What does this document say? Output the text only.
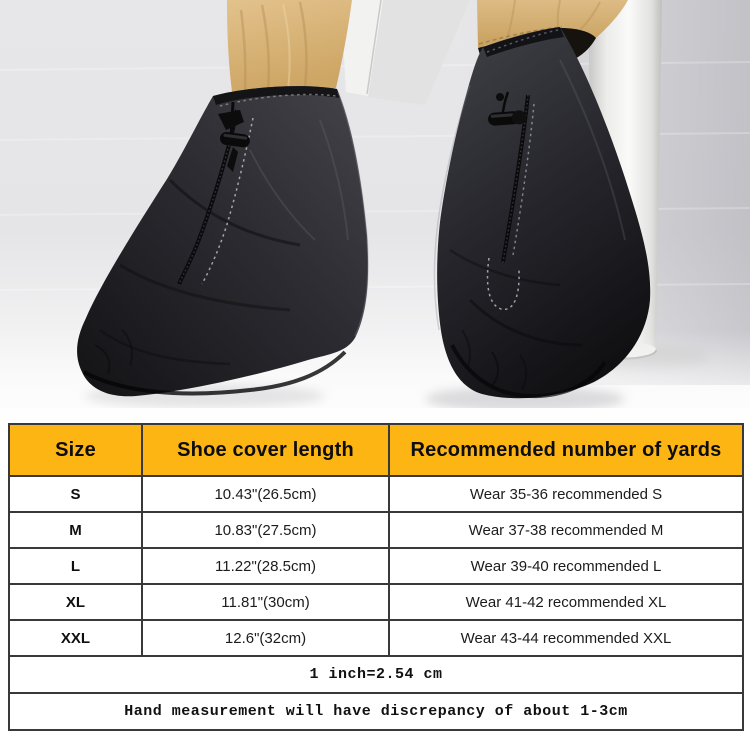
Size	Shoe cover length	Recommended number of yards
S	10.43"(26.5cm)	Wear 35-36 recommended S
M	10.83"(27.5cm)	Wear 37-38 recommended M
L	11.22"(28.5cm)	Wear 39-40 recommended L
XL	11.81"(30cm)	Wear 41-42 recommended XL
XXL	12.6"(32cm)	Wear 43-44 recommended XXL
1 inch=2.54 cm		
Hand measurement will have discrepancy of about 1-3cm		
